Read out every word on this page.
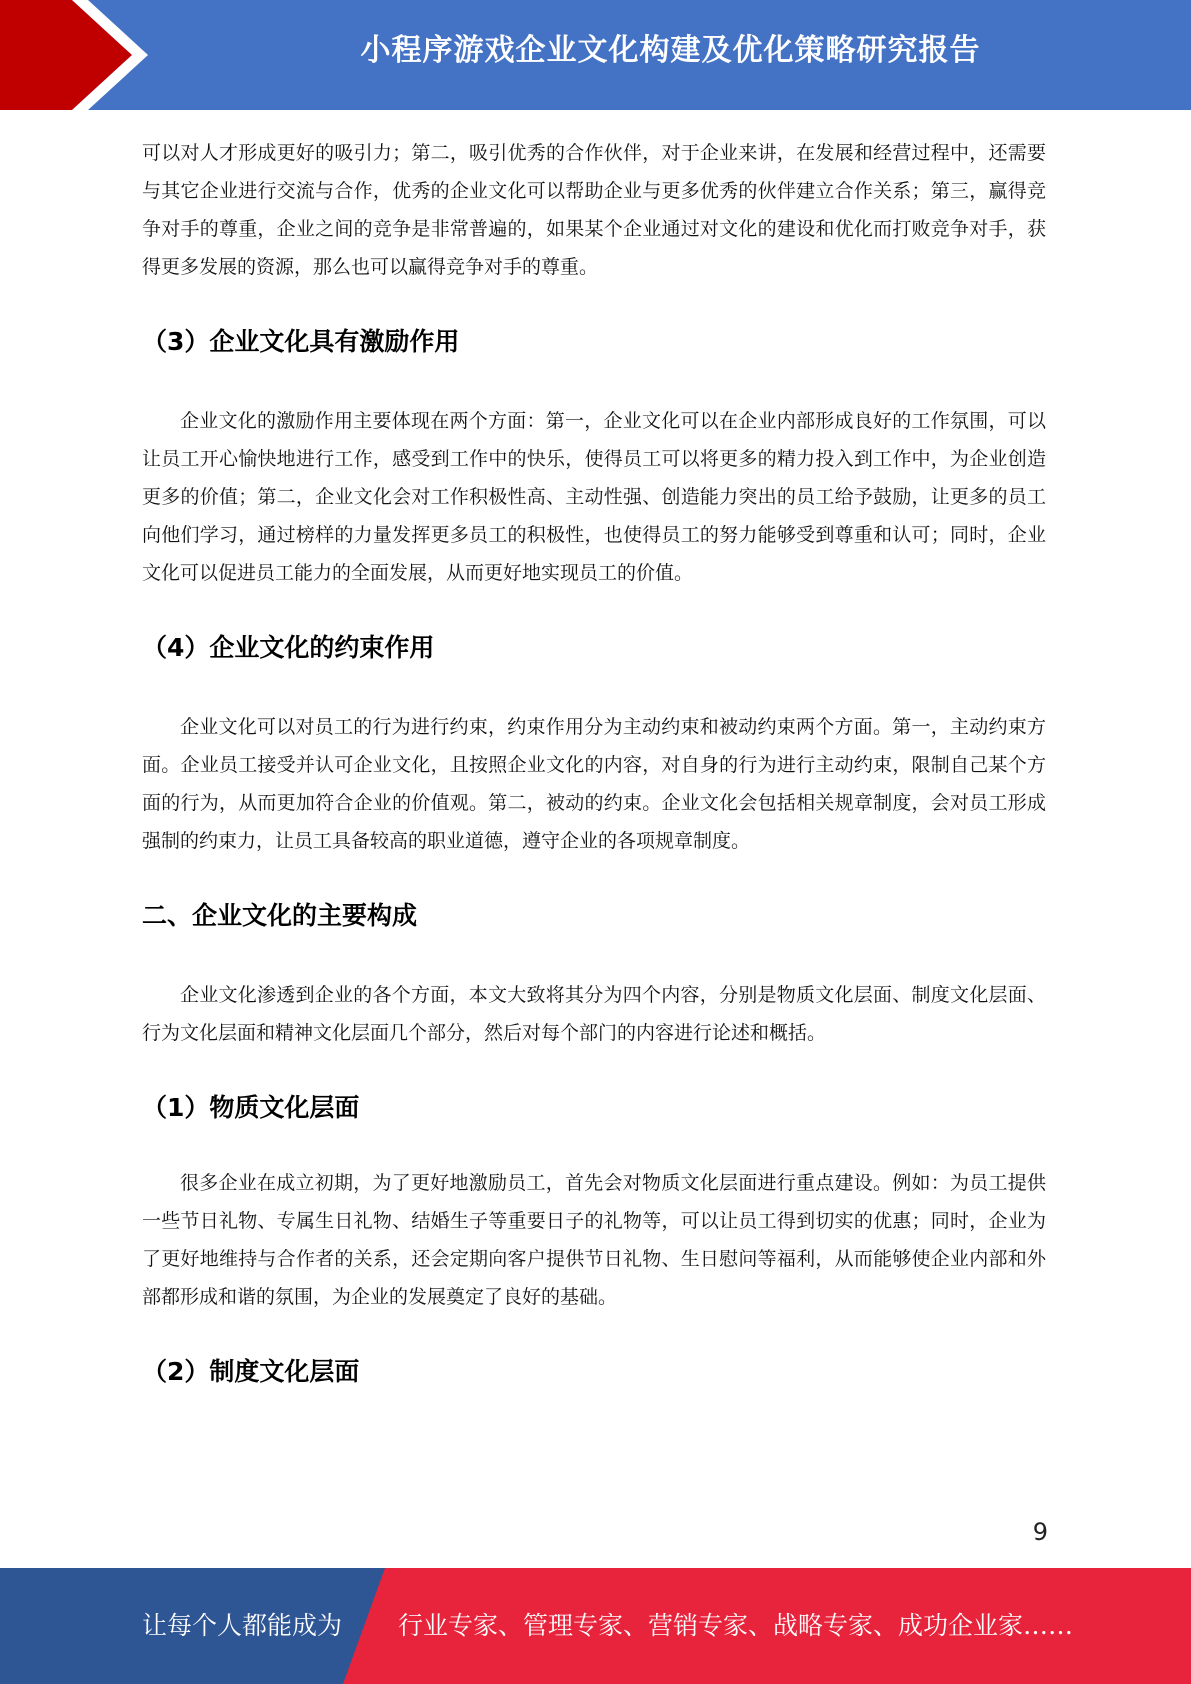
小程序游戏企业文化构建及优化策略研究报告

可以对人才形成更好的吸引力；第二，吸引优秀的合作伙伴，对于企业来讲，在发展和经营过程中，还需要与其它企业进行交流与合作，优秀的企业文化可以帮助企业与更多优秀的伙伴建立合作关系；第三，赢得竞争对手的尊重，企业之间的竞争是非常普遍的，如果某个企业通过对文化的建设和优化而打败竞争对手，获得更多发展的资源，那么也可以赢得竞争对手的尊重。

（3）企业文化具有激励作用

企业文化的激励作用主要体现在两个方面：第一，企业文化可以在企业内部形成良好的工作氛围，可以让员工开心愉快地进行工作，感受到工作中的快乐，使得员工可以将更多的精力投入到工作中，为企业创造更多的价值；第二，企业文化会对工作积极性高、主动性强、创造能力突出的员工给予鼓励，让更多的员工向他们学习，通过榜样的力量发挥更多员工的积极性，也使得员工的努力能够受到尊重和认可；同时，企业文化可以促进员工能力的全面发展，从而更好地实现员工的价值。

（4）企业文化的约束作用

企业文化可以对员工的行为进行约束，约束作用分为主动约束和被动约束两个方面。第一，主动约束方面。企业员工接受并认可企业文化，且按照企业文化的内容，对自身的行为进行主动约束，限制自己某个方面的行为，从而更加符合企业的价值观。第二，被动的约束。企业文化会包括相关规章制度，会对员工形成强制的约束力，让员工具备较高的职业道德，遵守企业的各项规章制度。

二、企业文化的主要构成

企业文化渗透到企业的各个方面，本文大致将其分为四个内容，分别是物质文化层面、制度文化层面、行为文化层面和精神文化层面几个部分，然后对每个部门的内容进行论述和概括。

（1）物质文化层面

很多企业在成立初期，为了更好地激励员工，首先会对物质文化层面进行重点建设。例如：为员工提供一些节日礼物、专属生日礼物、结婚生子等重要日子的礼物等，可以让员工得到切实的优惠；同时，企业为了更好地维持与合作者的关系，还会定期向客户提供节日礼物、生日慰问等福利，从而能够使企业内部和外部都形成和谐的氛围，为企业的发展奠定了良好的基础。

（2）制度文化层面
9
让每个人都能成为 行业专家、管理专家、营销专家、战略专家、成功企业家……
